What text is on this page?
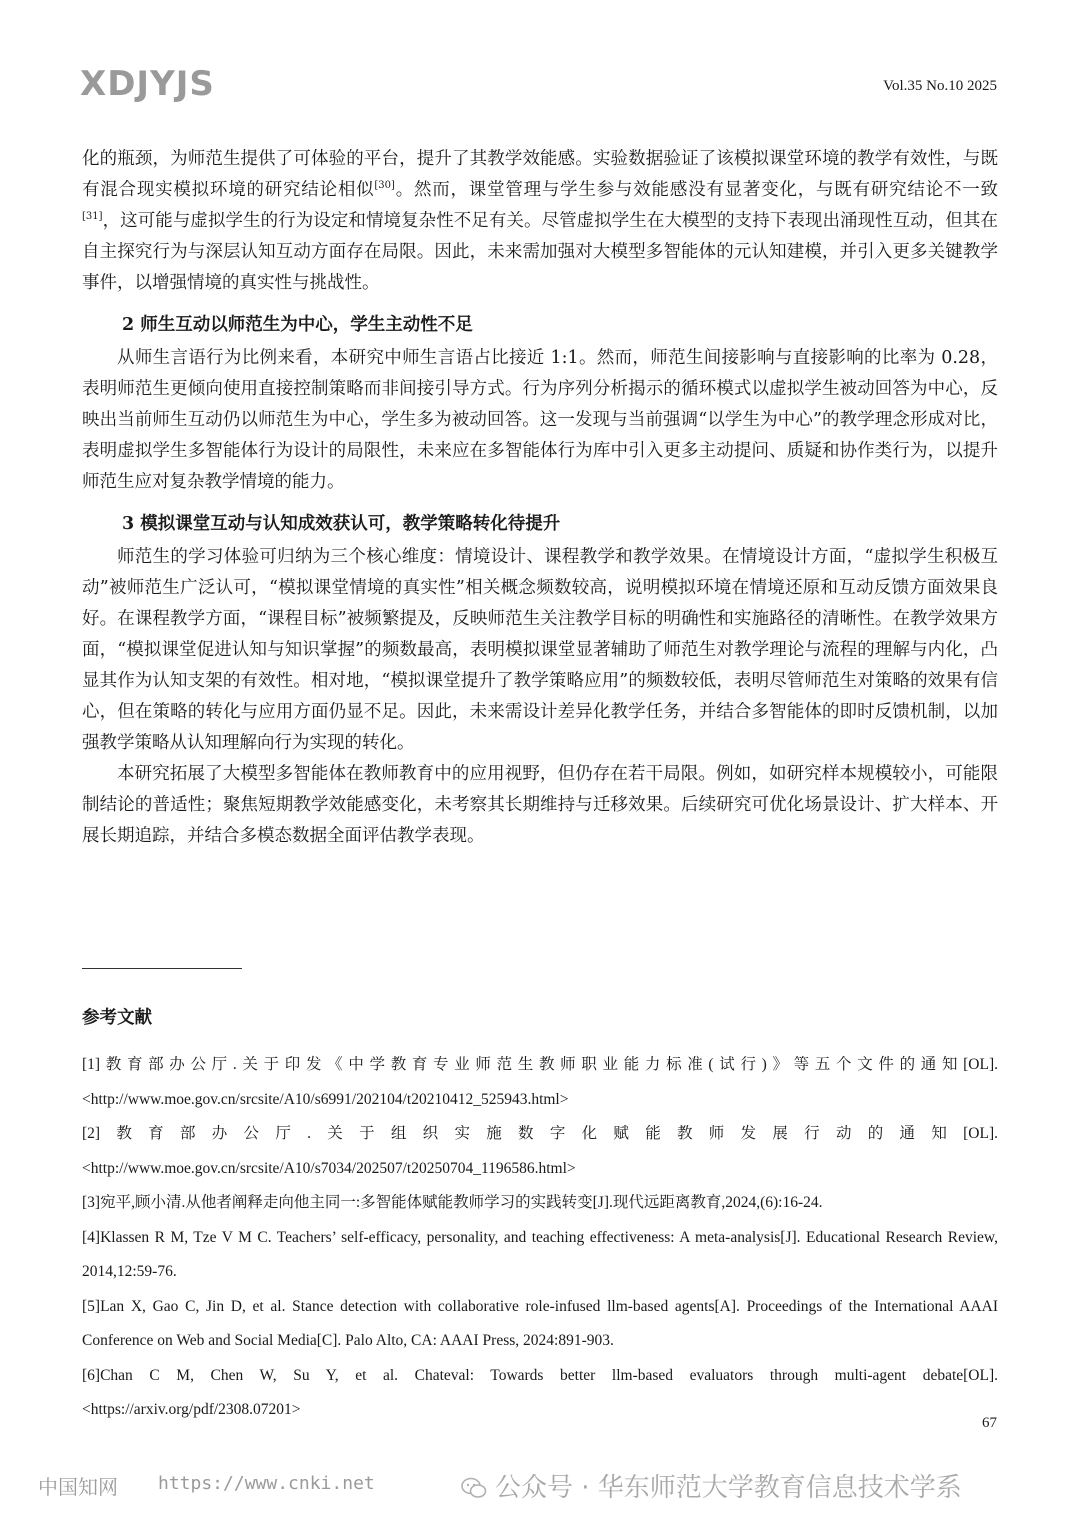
XDJYJS	Vol.35 No.10 2025

化的瓶颈，为师范生提供了可体验的平台，提升了其教学效能感。实验数据验证了该模拟课堂环境的教学有效性，与既有混合现实模拟环境的研究结论相似[30]。然而，课堂管理与学生参与效能感没有显著变化，与既有研究结论不一致[31]，这可能与虚拟学生的行为设定和情境复杂性不足有关。尽管虚拟学生在大模型的支持下表现出涌现性互动，但其在自主探究行为与深层认知互动方面存在局限。因此，未来需加强对大模型多智能体的元认知建模，并引入更多关键教学事件，以增强情境的真实性与挑战性。

2 师生互动以师范生为中心，学生主动性不足

从师生言语行为比例来看，本研究中师生言语占比接近 1:1。然而，师范生间接影响与直接影响的比率为 0.28，表明师范生更倾向使用直接控制策略而非间接引导方式。行为序列分析揭示的循环模式以虚拟学生被动回答为中心，反映出当前师生互动仍以师范生为中心，学生多为被动回答。这一发现与当前强调“以学生为中心”的教学理念形成对比，表明虚拟学生多智能体行为设计的局限性，未来应在多智能体行为库中引入更多主动提问、质疑和协作类行为，以提升师范生应对复杂教学情境的能力。

3 模拟课堂互动与认知成效获认可，教学策略转化待提升

师范生的学习体验可归纳为三个核心维度：情境设计、课程教学和教学效果。在情境设计方面，“虚拟学生积极互动”被师范生广泛认可，“模拟课堂情境的真实性”相关概念频数较高，说明模拟环境在情境还原和互动反馈方面效果良好。在课程教学方面，“课程目标”被频繁提及，反映师范生关注教学目标的明确性和实施路径的清晰性。在教学效果方面，“模拟课堂促进认知与知识掌握”的频数最高，表明模拟课堂显著辅助了师范生对教学理论与流程的理解与内化，凸显其作为认知支架的有效性。相对地，“模拟课堂提升了教学策略应用”的频数较低，表明尽管师范生对策略的效果有信心，但在策略的转化与应用方面仍显不足。因此，未来需设计差异化教学任务，并结合多智能体的即时反馈机制，以加强教学策略从认知理解向行为实现的转化。

本研究拓展了大模型多智能体在教师教育中的应用视野，但仍存在若干局限。例如，如研究样本规模较小，可能限制结论的普适性；聚焦短期教学效能感变化，未考察其长期维持与迁移效果。后续研究可优化场景设计、扩大样本、开展长期追踪，并结合多模态数据全面评估教学表现。

参考文献

[1]教育部办公厅.关于印发《中学教育专业师范生教师职业能力标准(试行)》等五个文件的通知[OL]. <http://www.moe.gov.cn/srcsite/A10/s6991/202104/t20210412_525943.html>

[2]教育部办公厅.关于组织实施数字化赋能教师发展行动的通知[OL]. <http://www.moe.gov.cn/srcsite/A10/s7034/202507/t20250704_1196586.html>

[3]宛平,顾小清.从他者阐释走向他主同一:多智能体赋能教师学习的实践转变[J].现代远距离教育,2024,(6):16-24.

[4]Klassen R M, Tze V M C. Teachers’ self-efficacy, personality, and teaching effectiveness: A meta-analysis[J]. Educational Research Review, 2014,12:59-76.

[5]Lan X, Gao C, Jin D, et al. Stance detection with collaborative role-infused llm-based agents[A]. Proceedings of the International AAAI Conference on Web and Social Media[C]. Palo Alto, CA: AAAI Press, 2024:891-903.

[6]Chan C M, Chen W, Su Y, et al. Chateval: Towards better llm-based evaluators through multi-agent debate[OL]. <https://arxiv.org/pdf/2308.07201>

67
中国知网 https://www.cnki.net	公众号 · 华东师范大学教育信息技术学系
